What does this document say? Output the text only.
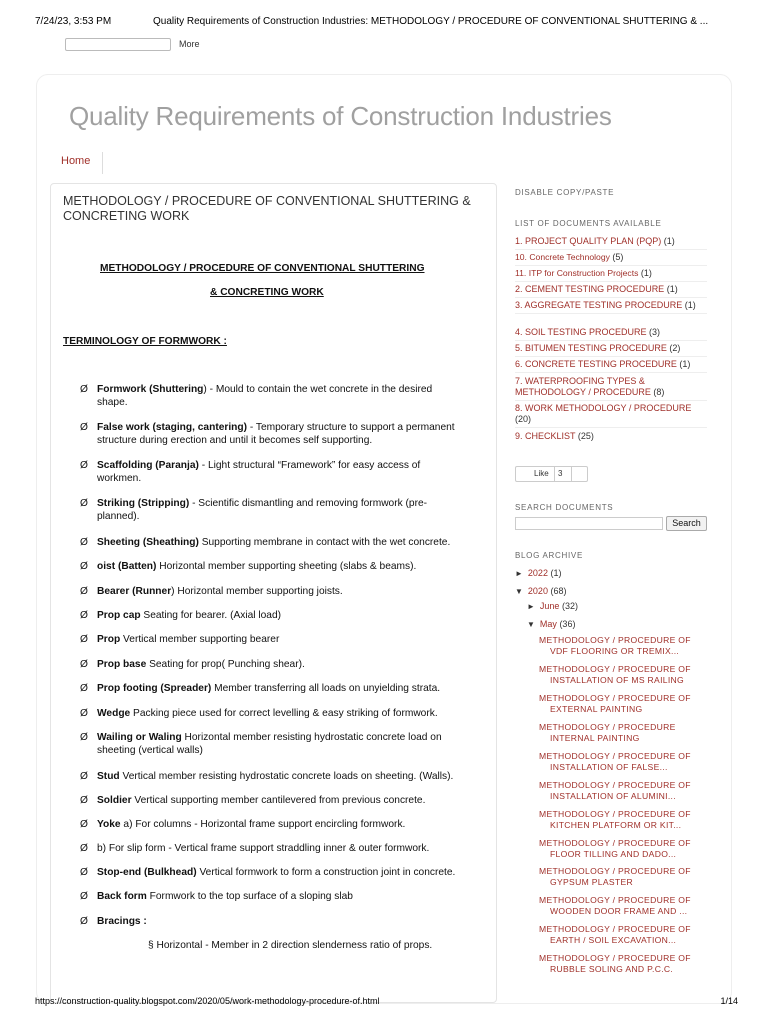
7/24/23, 3:53 PM	Quality Requirements of Construction Industries: METHODOLOGY / PROCEDURE OF CONVENTIONAL SHUTTERING & ...
More
Quality Requirements of Construction Industries
Home
METHODOLOGY / PROCEDURE OF CONVENTIONAL SHUTTERING & CONCRETING WORK
METHODOLOGY / PROCEDURE OF CONVENTIONAL SHUTTERING
& CONCRETING WORK
TERMINOLOGY OF FORMWORK :
Ø Formwork (Shuttering) - Mould to contain the wet concrete in the desired
shape.
Ø False work (staging, cantering) - Temporary structure to support a permanent
structure during erection and until it becomes self supporting.
Ø Scaffolding (Paranja) - Light structural “Framework” for easy access of
workmen.
Ø Striking (Stripping) - Scientific dismantling and removing formwork (pre-
planned).
Ø Sheeting (Sheathing) Supporting membrane in contact with the wet concrete.
Ø oist (Batten) Horizontal member supporting sheeting (slabs & beams).
Ø Bearer (Runner) Horizontal member supporting joists.
Ø Prop cap Seating for bearer. (Axial load)
Ø Prop Vertical member supporting bearer
Ø Prop base Seating for prop( Punching shear).
Ø Prop footing (Spreader) Member transferring all loads on unyielding strata.
Ø Wedge Packing piece used for correct levelling & easy striking of formwork.
Ø Wailing or Waling Horizontal member resisting hydrostatic concrete load on
sheeting (vertical walls)
Ø Stud Vertical member resisting hydrostatic concrete loads on sheeting. (Walls).
Ø Soldier Vertical supporting member cantilevered from previous concrete.
Ø Yoke a) For columns - Horizontal frame support encircling formwork.
Ø b) For slip form - Vertical frame support straddling inner & outer formwork.
Ø Stop-end (Bulkhead) Vertical formwork to form a construction joint in concrete.
Ø Back form Formwork to the top surface of a sloping slab
Ø Bracings :
§ Horizontal - Member in 2 direction slenderness ratio of props.
DISABLE COPY/PASTE
LIST OF DOCUMENTS AVAILABLE
1. PROJECT QUALITY PLAN (PQP) (1)
10. Concrete Technology (5)
11. ITP for Construction Projects (1)
2. CEMENT TESTING PROCEDURE (1)
3. AGGREGATE TESTING PROCEDURE (1)
4. SOIL TESTING PROCEDURE (3)
5. BITUMEN TESTING PROCEDURE (2)
6. CONCRETE TESTING PROCEDURE (1)
7. WATERPROOFING TYPES & METHODOLOGY / PROCEDURE (8)
8. WORK METHODOLOGY / PROCEDURE (20)
9. CHECKLIST (25)
Like 3
SEARCH DOCUMENTS
Search
BLOG ARCHIVE
► 2022 (1)
▼ 2020 (68)
► June (32)
▼ May (36)
METHODOLOGY / PROCEDURE OF
VDF FLOORING OR TREMIX...
METHODOLOGY / PROCEDURE OF
INSTALLATION OF MS RAILING
METHODOLOGY / PROCEDURE OF
EXTERNAL PAINTING
METHODOLOGY / PROCEDURE
INTERNAL PAINTING
METHODOLOGY / PROCEDURE OF
INSTALLATION OF FALSE...
METHODOLOGY / PROCEDURE OF
INSTALLATION OF ALUMINI...
METHODOLOGY / PROCEDURE OF
KITCHEN PLATFORM OR KIT...
METHODOLOGY / PROCEDURE OF
FLOOR TILLING AND DADO...
METHODOLOGY / PROCEDURE OF
GYPSUM PLASTER
METHODOLOGY / PROCEDURE OF
WOODEN DOOR FRAME AND ...
METHODOLOGY / PROCEDURE OF
EARTH / SOIL EXCAVATION...
METHODOLOGY / PROCEDURE OF
RUBBLE SOLING AND P.C.C.
https://construction-quality.blogspot.com/2020/05/work-methodology-procedure-of.html	1/14
